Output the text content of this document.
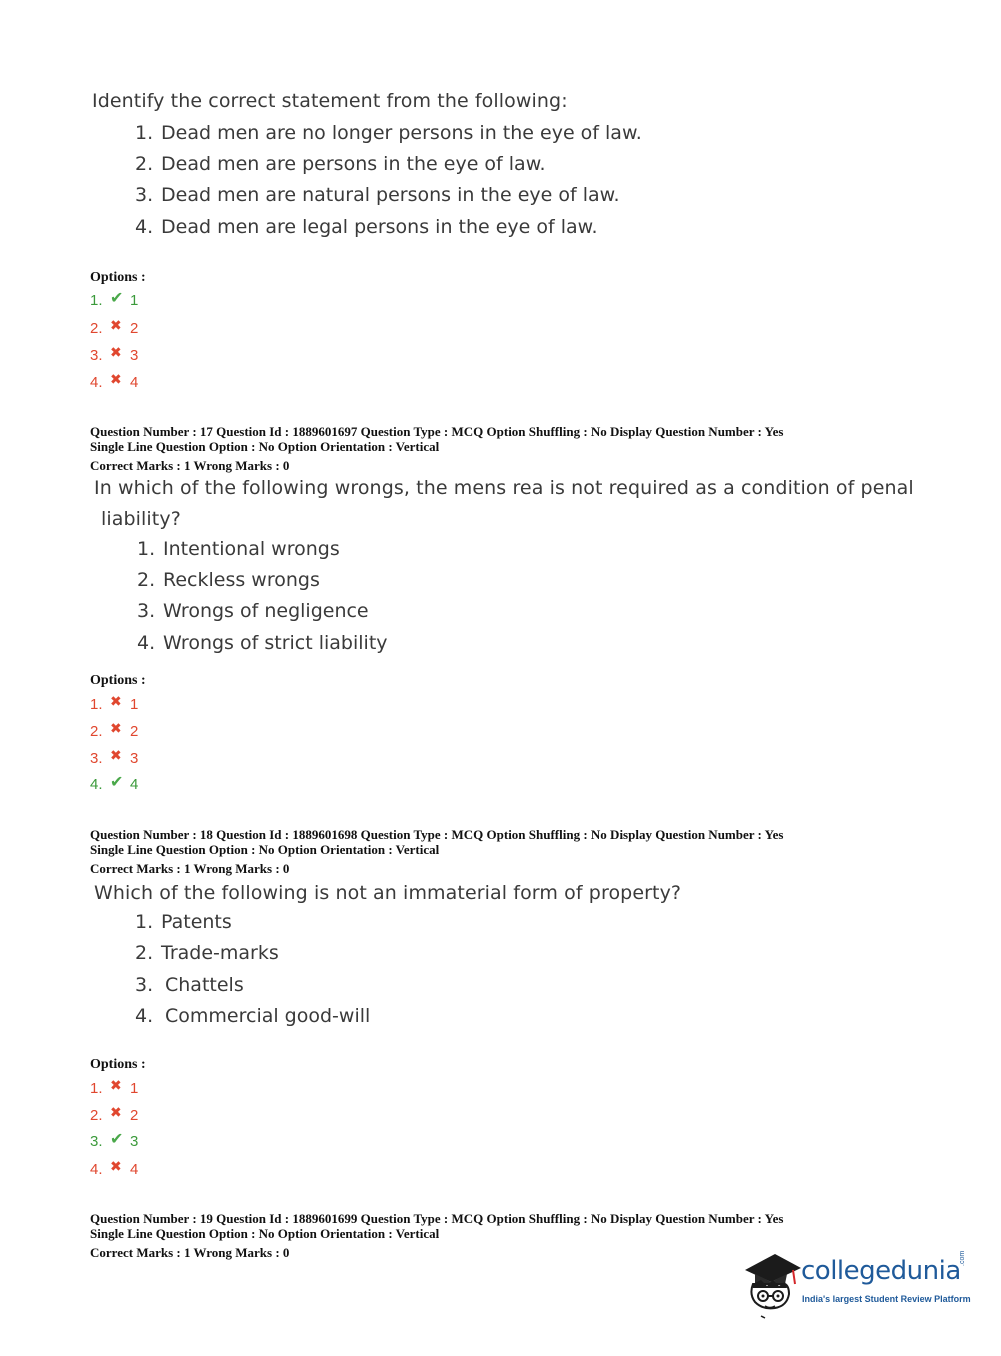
Identify the correct statement from the following:
1. Dead men are no longer persons in the eye of law.
2. Dead men are persons in the eye of law.
3. Dead men are natural persons in the eye of law.
4. Dead men are legal persons in the eye of law.
Options :
1. ✔ 1
2. ✖ 2
3. ✖ 3
4. ✖ 4
Question Number : 17 Question Id : 1889601697 Question Type : MCQ Option Shuffling : No Display Question Number : Yes
Single Line Question Option : No Option Orientation : Vertical
Correct Marks : 1 Wrong Marks : 0
In which of the following wrongs, the mens rea is not required as a condition of penal
liability?
1. Intentional wrongs
2. Reckless wrongs
3. Wrongs of negligence
4. Wrongs of strict liability
Options :
1. ✖ 1
2. ✖ 2
3. ✖ 3
4. ✔ 4
Question Number : 18 Question Id : 1889601698 Question Type : MCQ Option Shuffling : No Display Question Number : Yes
Single Line Question Option : No Option Orientation : Vertical
Correct Marks : 1 Wrong Marks : 0
Which of the following is not an immaterial form of property?
1. Patents
2. Trade-marks
3. Chattels
4. Commercial good-will
Options :
1. ✖ 1
2. ✖ 2
3. ✔ 3
4. ✖ 4
Question Number : 19 Question Id : 1889601699 Question Type : MCQ Option Shuffling : No Display Question Number : Yes
Single Line Question Option : No Option Orientation : Vertical
Correct Marks : 1 Wrong Marks : 0
collegedunia
.com
India's largest Student Review Platform
